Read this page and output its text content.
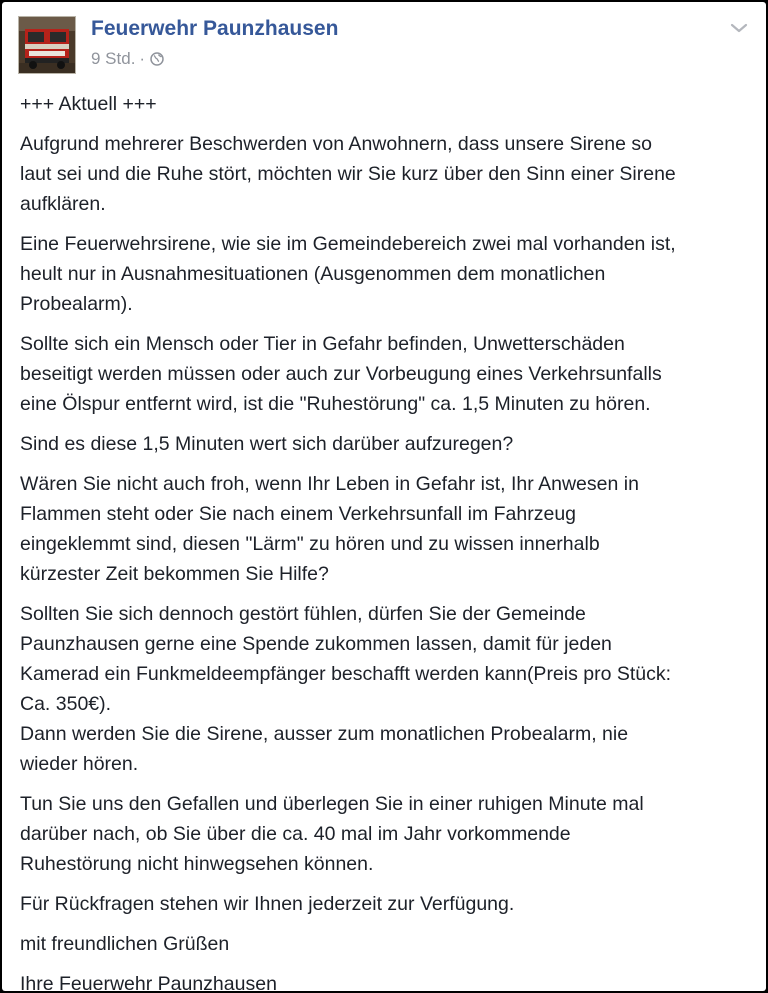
Feuerwehr Paunzhausen
9 Std. ·

+++ Aktuell +++

Aufgrund mehrerer Beschwerden von Anwohnern, dass unsere Sirene so
laut sei und die Ruhe stört, möchten wir Sie kurz über den Sinn einer Sirene
aufklären.

Eine Feuerwehrsirene, wie sie im Gemeindebereich zwei mal vorhanden ist,
heult nur in Ausnahmesituationen (Ausgenommen dem monatlichen
Probealarm).

Sollte sich ein Mensch oder Tier in Gefahr befinden, Unwetterschäden
beseitigt werden müssen oder auch zur Vorbeugung eines Verkehrsunfalls
eine Ölspur entfernt wird, ist die "Ruhestörung" ca. 1,5 Minuten zu hören.

Sind es diese 1,5 Minuten wert sich darüber aufzuregen?

Wären Sie nicht auch froh, wenn Ihr Leben in Gefahr ist, Ihr Anwesen in
Flammen steht oder Sie nach einem Verkehrsunfall im Fahrzeug
eingeklemmt sind, diesen "Lärm" zu hören und zu wissen innerhalb
kürzester Zeit bekommen Sie Hilfe?

Sollten Sie sich dennoch gestört fühlen, dürfen Sie der Gemeinde
Paunzhausen gerne eine Spende zukommen lassen, damit für jeden
Kamerad ein Funkmeldeempfänger beschafft werden kann(Preis pro Stück:
Ca. 350€).
Dann werden Sie die Sirene, ausser zum monatlichen Probealarm, nie
wieder hören.

Tun Sie uns den Gefallen und überlegen Sie in einer ruhigen Minute mal
darüber nach, ob Sie über die ca. 40 mal im Jahr vorkommende
Ruhestörung nicht hinwegsehen können.

Für Rückfragen stehen wir Ihnen jederzeit zur Verfügung.

mit freundlichen Grüßen

Ihre Feuerwehr Paunzhausen
